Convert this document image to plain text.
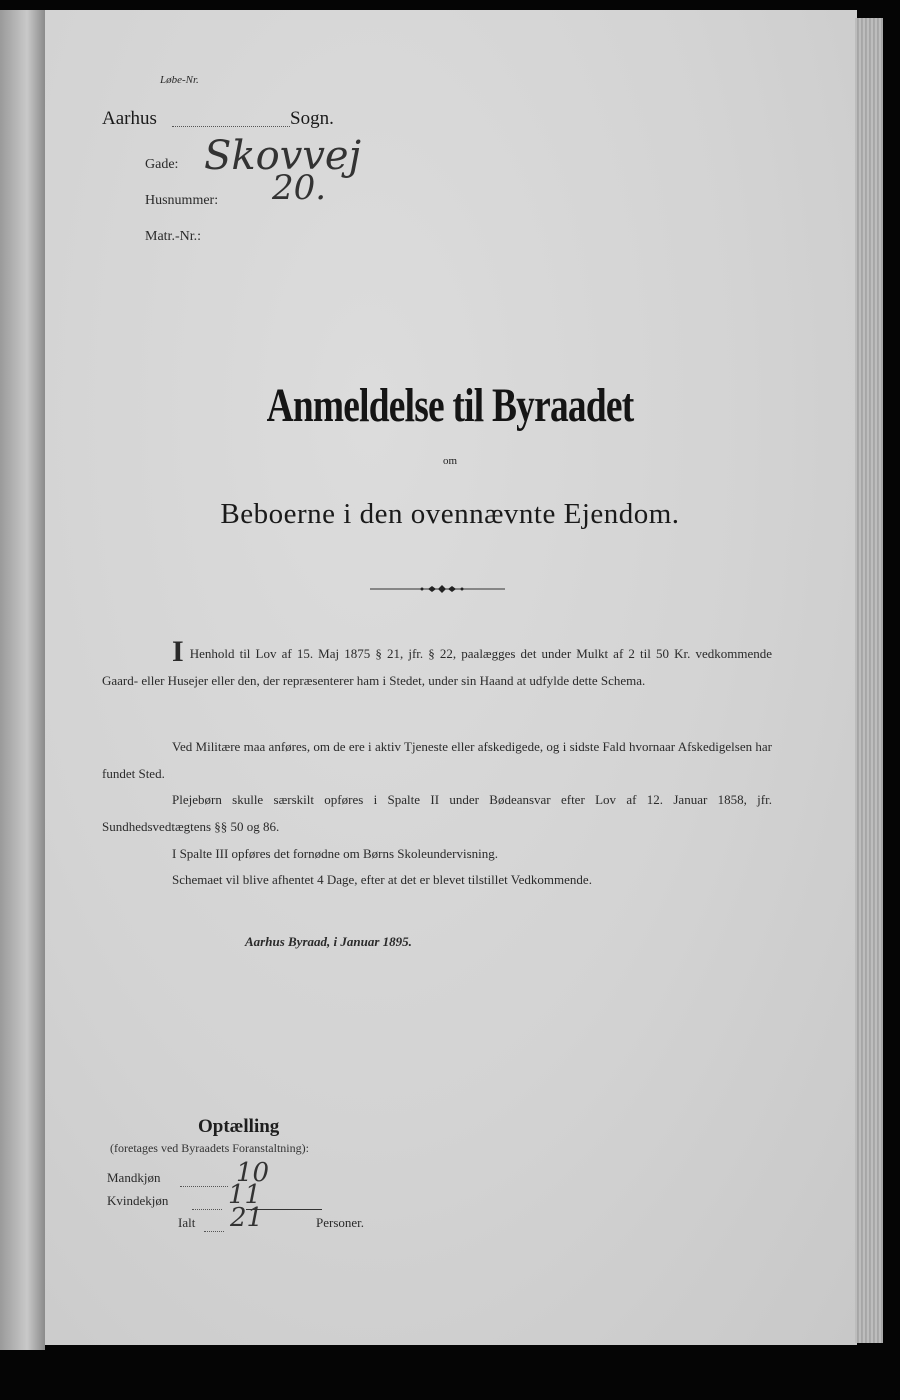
Løbe-Nr.
Aarhus	Sogn.
Gade: Skovvej
Husnummer: 20.
Matr.-Nr.:
Anmeldelse til Byraadet
om
Beboerne i den ovennævnte Ejendom.
I Henhold til Lov af 15. Maj 1875 § 21, jfr. § 22, paalægges det under Mulkt af 2 til 50 Kr. vedkommende Gaard- eller Husejer eller den, der repræsenterer ham i Stedet, under sin Haand at udfylde dette Schema.
Ved Militære maa anføres, om de ere i aktiv Tjeneste eller afskedigede, og i sidste Fald hvornaar Afskedigelsen har fundet Sted.
Plejebørn skulle særskilt opføres i Spalte II under Bødeansvar efter Lov af 12. Januar 1858, jfr. Sundhedsvedtægtens §§ 50 og 86.
I Spalte III opføres det fornødne om Børns Skoleundervisning.
Schemaet vil blive afhentet 4 Dage, efter at det er blevet tilstillet Vedkommende.
Aarhus Byraad, i Januar 1895.
Optælling
(foretages ved Byraadets Foranstaltning):
Mandkjøn	10
Kvindekjøn 11
Ialt 21	Personer.
